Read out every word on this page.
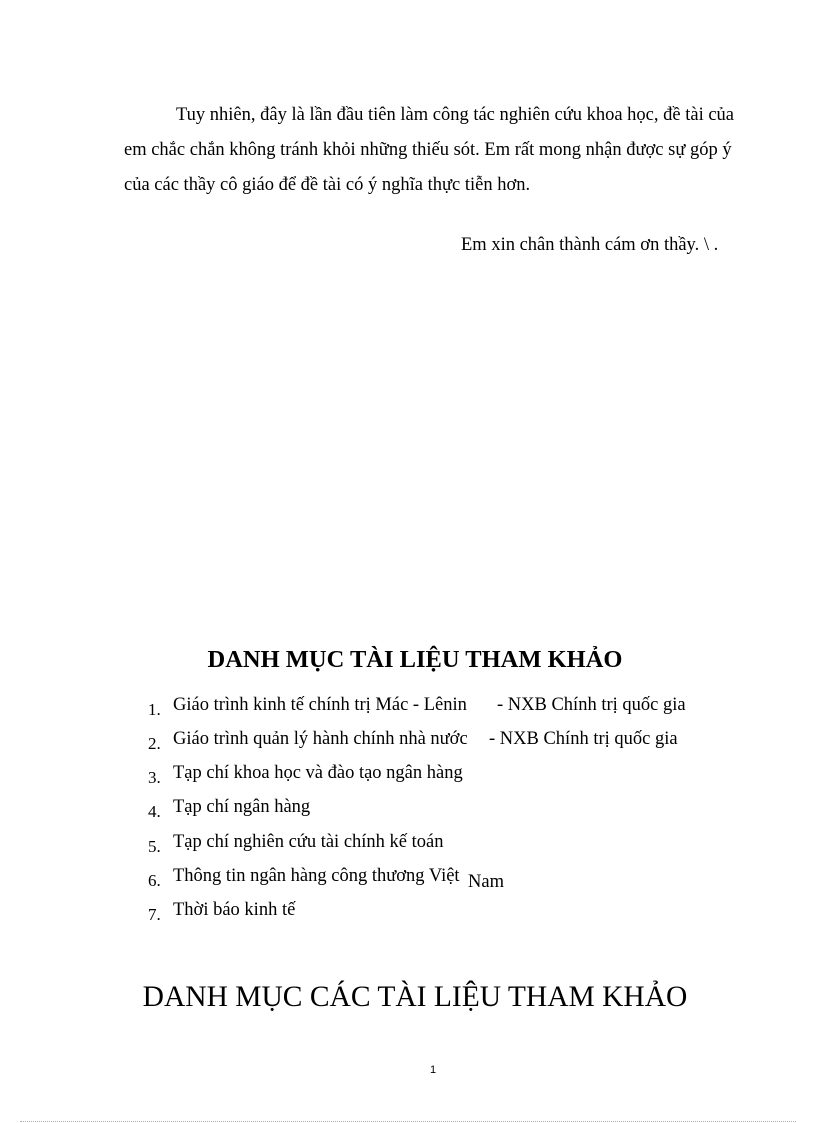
Tuy nhiên, đây là lần đầu tiên làm công tác nghiên cứu khoa học, đề tài của
em chắc chắn không tránh khỏi những thiếu sót. Em rất mong nhận được sự góp ý
của các thầy cô giáo để đề tài có ý nghĩa thực tiễn hơn.
Em xin chân thành cám ơn thầy. \ .
DANH MỤC TÀI LIỆU THAM KHẢO
1. Giáo trình kinh tế chính trị Mác - Lênin - NXB Chính trị quốc gia
2. Giáo trình quản lý hành chính nhà nước - NXB Chính trị quốc gia
3. Tạp chí khoa học và đào tạo ngân hàng
4. Tạp chí ngân hàng
5. Tạp chí nghiên cứu tài chính kế toán
6. Thông tin ngân hàng công thương Việt Nam
7. Thời báo kinh tế
DANH MỤC CÁC TÀI LIỆU THAM KHẢO
1
